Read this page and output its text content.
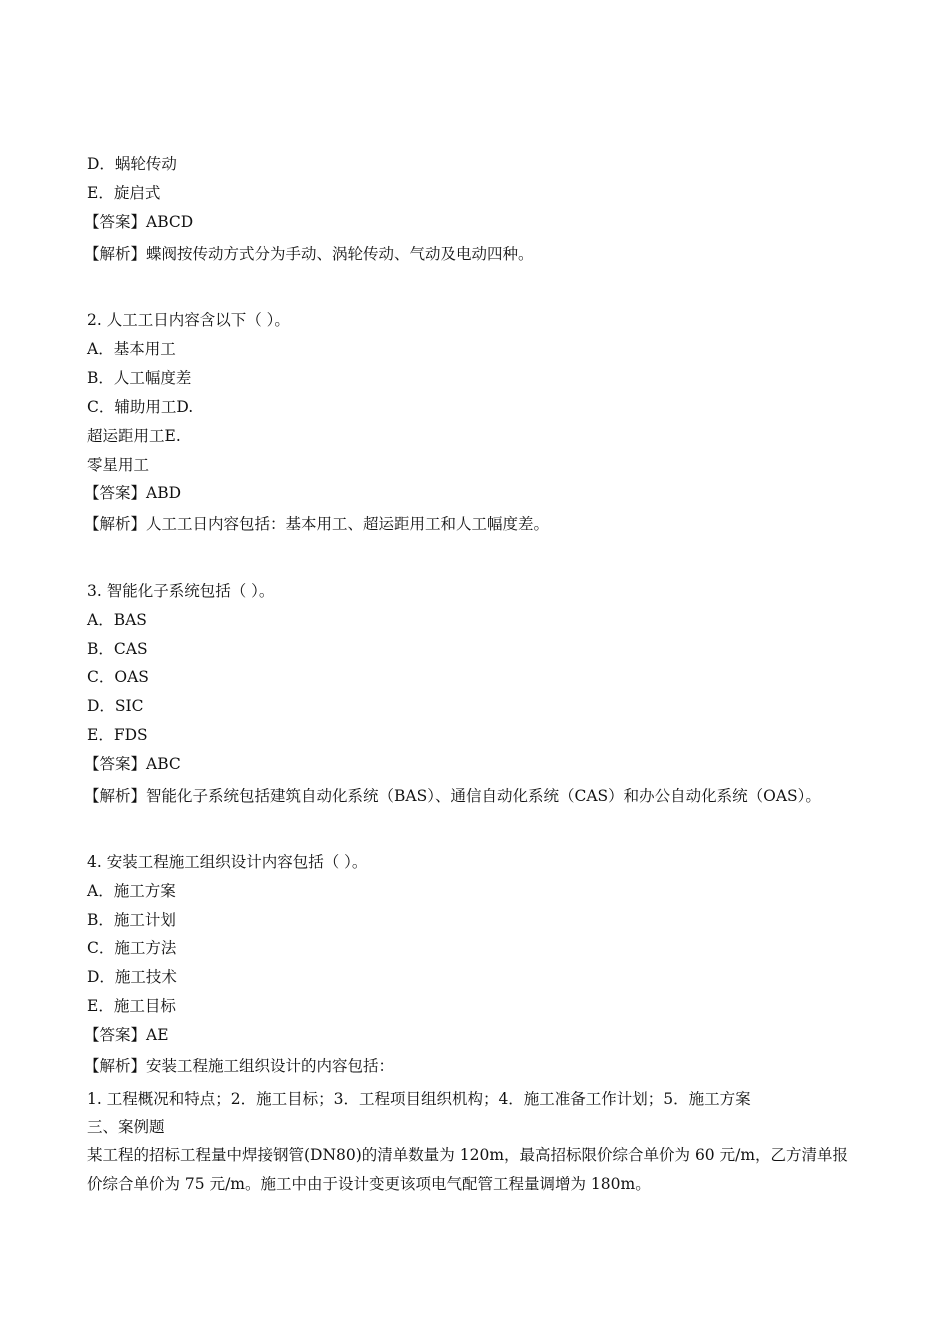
D．蜗轮传动
E．旋启式
【答案】ABCD
【解析】蝶阀按传动方式分为手动、涡轮传动、气动及电动四种。
2. 人工工日内容含以下（ ）。
A．基本用工
B．人工幅度差
C．辅助用工D.
超运距用工E.
零星用工
【答案】ABD
【解析】人工工日内容包括：基本用工、超运距用工和人工幅度差。
3. 智能化子系统包括（ ）。
A．BAS
B．CAS
C．OAS
D．SIC
E．FDS
【答案】ABC
【解析】智能化子系统包括建筑自动化系统（BAS）、通信自动化系统（CAS）和办公自动化系统（OAS）。
4. 安装工程施工组织设计内容包括（ ）。
A．施工方案
B．施工计划
C．施工方法
D．施工技术
E．施工目标
【答案】AE
【解析】安装工程施工组织设计的内容包括：
1. 工程概况和特点；2．施工目标；3．工程项目组织机构；4．施工准备工作计划；5．施工方案
三、案例题
某工程的招标工程量中焊接钢管(DN80)的清单数量为 120m，最高招标限价综合单价为 60 元/m，乙方清单报价综合单价为 75 元/m。施工中由于设计变更该项电气配管工程量调增为 180m。
